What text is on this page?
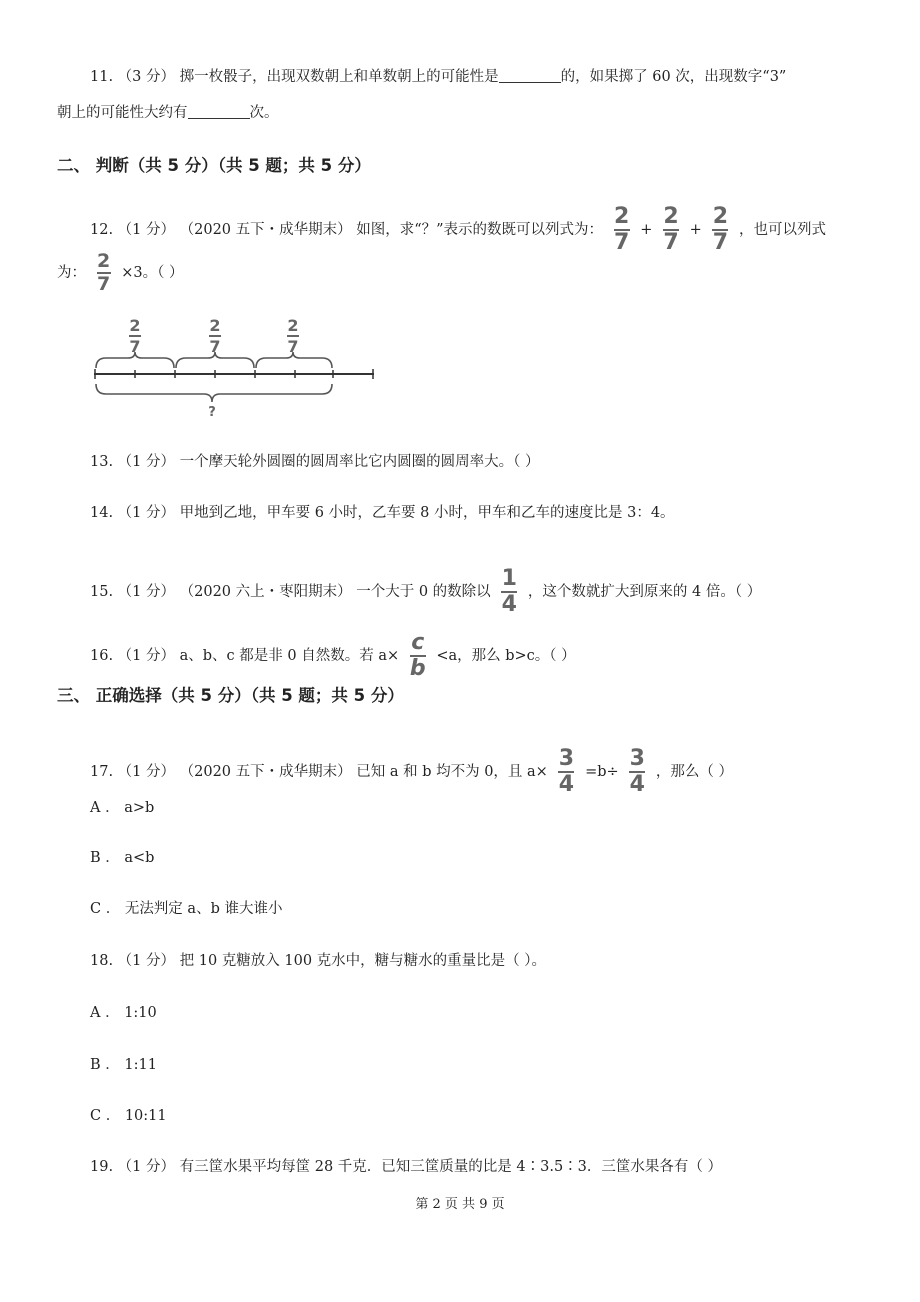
11. （3 分） 掷一枚骰子，出现双数朝上和单数朝上的可能性是	的，如果掷了 60 次，出现数字“3”
朝上的可能性大约有	次。
二、 判断（共 5 分）（共 5 题；共 5 分）
12. （1 分） （2020 五下・成华期末） 如图，求“？”表示的数既可以列式为： $\frac{2}{7} + \frac{2}{7} + \frac{2}{7}$ ，也可以列式
为： $\frac{2}{7} \times 3$。（ ）
2
7
2
7
2
7
?
13. （1 分） 一个摩天轮外圆圈的圆周率比它内圆圈的圆周率大。（ ）
14. （1 分） 甲地到乙地，甲车要 6 小时，乙车要 8 小时，甲车和乙车的速度比是 3：4。
15. （1 分） （2020 六上・枣阳期末） 一个大于 0 的数除以 $\frac{1}{4}$ ，这个数就扩大到原来的 4 倍。（ ）
16. （1 分） a、b、c 都是非 0 自然数。若 $a\times \frac{c}{b} <a$，那么 b>c。（ ）
三、 正确选择（共 5 分）（共 5 题；共 5 分）
17. （1 分） （2020 五下・成华期末） 已知 a 和 b 均不为 0，且 $a\times \frac{3}{4} =b\div \frac{3}{4}$ ，那么（ ）
A ． a>b
B ． a<b
C ． 无法判定 a、b 谁大谁小
18. （1 分） 把 10 克糖放入 100 克水中，糖与糖水的重量比是（ ）。
A ． 1:10
B ． 1:11
C ． 10:11
19. （1 分） 有三筐水果平均每筐 28 千克．已知三筐质量的比是 4∶3.5∶3．三筐水果各有（ ）
第 2 页 共 9 页
